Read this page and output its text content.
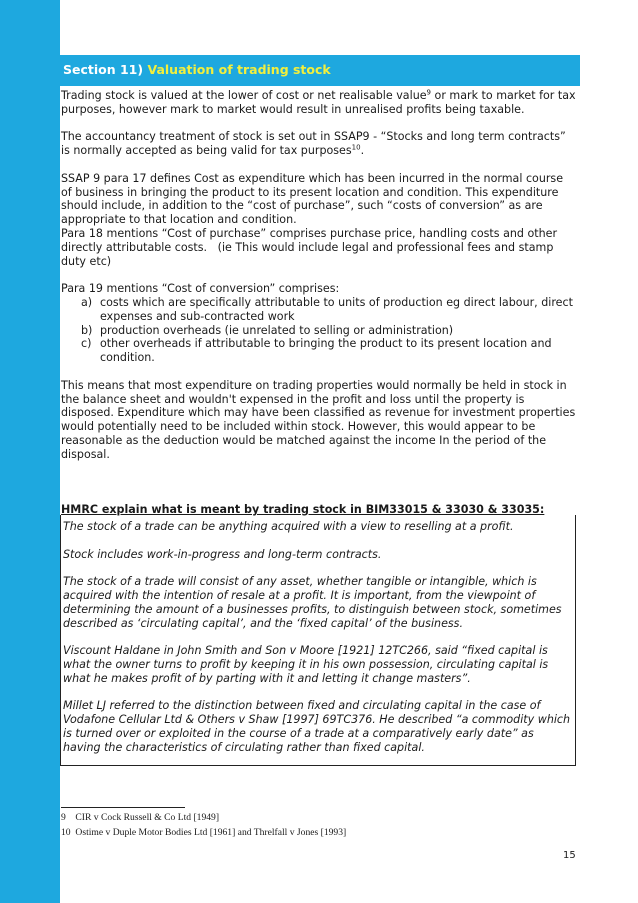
Section 11) Valuation of trading stock

Trading stock is valued at the lower of cost or net realisable value$^9$ or mark to market for tax purposes, however mark to market would result in unrealised profits being taxable.

The accountancy treatment of stock is set out in SSAP9 - “Stocks and long term contracts” is normally accepted as being valid for tax purposes$^{10}$.

SSAP 9 para 17 defines Cost as expenditure which has been incurred in the normal course of business in bringing the product to its present location and condition. This expenditure should include, in addition to the “cost of purchase”, such “costs of conversion” as are appropriate to that location and condition.

Para 18 mentions “Cost of purchase” comprises purchase price, handling costs and other directly attributable costs.   (ie This would include legal and professional fees and stamp duty etc)

Para 19 mentions “Cost of conversion” comprises:

a) costs which are specifically attributable to units of production eg direct labour, direct expenses and sub-contracted work
b) production overheads (ie unrelated to selling or administration)
c) other overheads if attributable to bringing the product to its present location and condition.

This means that most expenditure on trading properties would normally be held in stock in the balance sheet and wouldn't expensed in the profit and loss until the property is disposed. Expenditure which may have been classified as revenue for investment properties would potentially need to be included within stock. However, this would appear to be reasonable as the deduction would be matched against the income In the period of the disposal.

HMRC explain what is meant by trading stock in BIM33015 & 33030 & 33035:

The stock of a trade can be anything acquired with a view to reselling at a profit.

Stock includes work-in-progress and long-term contracts.

The stock of a trade will consist of any asset, whether tangible or intangible, which is acquired with the intention of resale at a profit. It is important, from the viewpoint of determining the amount of a businesses profits, to distinguish between stock, sometimes described as ‘circulating capital’, and the ‘fixed capital’ of the business.

Viscount Haldane in John Smith and Son v Moore [1921] 12TC266, said “fixed capital is what the owner turns to profit by keeping it in his own possession, circulating capital is what he makes profit of by parting with it and letting it change masters”.

Millet LJ referred to the distinction between fixed and circulating capital in the case of Vodafone Cellular Ltd & Others v Shaw [1997] 69TC376. He described “a commodity which is turned over or exploited in the course of a trade at a comparatively early date” as having the characteristics of circulating rather than fixed capital.

9 CIR v Cock Russell & Co Ltd [1949]
10 Ostime v Duple Motor Bodies Ltd [1961] and Threlfall v Jones [1993]
15
